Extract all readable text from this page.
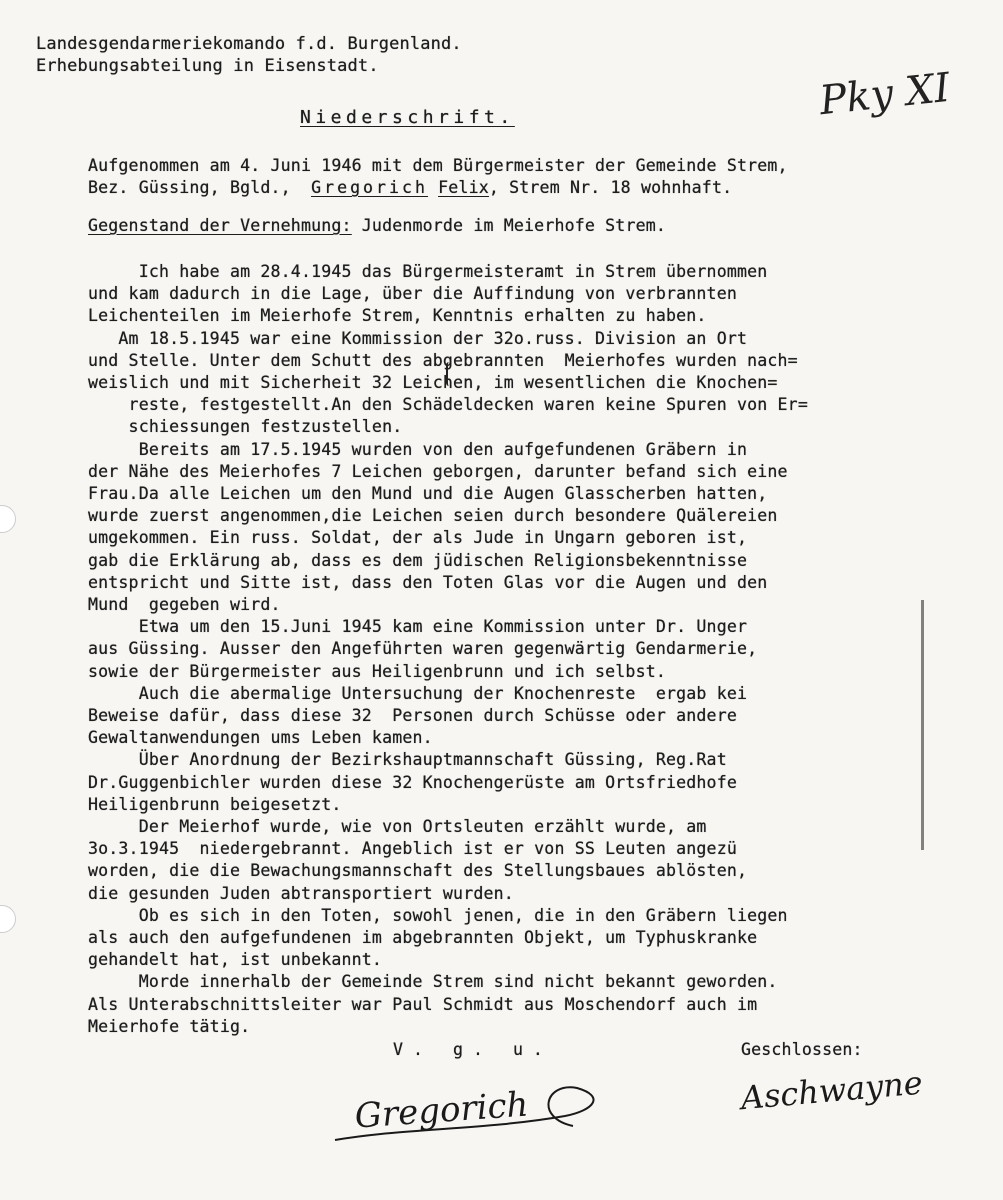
Landesgendarmeriekomando f.d. Burgenland.
Erhebungsabteilung in Eisenstadt.	Pky XI
Niederschrift.
Aufgenommen am 4. Juni 1946 mit dem Bürgermeister der Gemeinde Strem,
Bez. Güssing, Bgld., Gregorich Felix, Strem Nr. 18 wohnhaft.
Gegenstand der Vernehmung: Judenmorde im Meierhofe Strem.
Ich habe am 28.4.1945 das Bürgermeisteramt in Strem übernommen
und kam dadurch in die Lage, über die Auffindung von verbrannten
Leichenteilen im Meierhofe Strem, Kenntnis erhalten zu haben.
Am 18.5.1945 war eine Kommission der 32o.russ. Division an Ort
und Stelle. Unter dem Schutt des abgebrannten  Meierhofes wurden nach=
weislich und mit Sicherheit 32 Leichen, im wesentlichen die Knochen=
reste, festgestellt.An den Schädeldecken waren keine Spuren von Er=
schiessungen festzustellen.
Bereits am 17.5.1945 wurden von den aufgefundenen Gräbern in
der Nähe des Meierhofes 7 Leichen geborgen, darunter befand sich eine
Frau.Da alle Leichen um den Mund und die Augen Glasscherben hatten,
wurde zuerst angenommen,die Leichen seien durch besondere Quälereien
umgekommen. Ein russ. Soldat, der als Jude in Ungarn geboren ist,
gab die Erklärung ab, dass es dem jüdischen Religionsbekenntnisse
entspricht und Sitte ist, dass den Toten Glas vor die Augen und den
Mund  gegeben wird.
Etwa um den 15.Juni 1945 kam eine Kommission unter Dr. Unger
aus Güssing. Ausser den Angeführten waren gegenwärtig Gendarmerie,
sowie der Bürgermeister aus Heiligenbrunn und ich selbst.
Auch die abermalige Untersuchung der Knochenreste  ergab kei
Beweise dafür, dass diese 32  Personen durch Schüsse oder andere
Gewaltanwendungen ums Leben kamen.
Über Anordnung der Bezirkshauptmannschaft Güssing, Reg.Rat
Dr.Guggenbichler wurden diese 32 Knochengerüste am Ortsfriedhofe
Heiligenbrunn beigesetzt.
Der Meierhof wurde, wie von Ortsleuten erzählt wurde, am
3o.3.1945  niedergebrannt. Angeblich ist er von SS Leuten angezü
worden, die die Bewachungsmannschaft des Stellungsbaues ablösten,
die gesunden Juden abtransportiert wurden.
Ob es sich in den Toten, sowohl jenen, die in den Gräbern liegen
als auch den aufgefundenen im abgebrannten Objekt, um Typhuskranke
gehandelt hat, ist unbekannt.
Morde innerhalb der Gemeinde Strem sind nicht bekannt geworden.
Als Unterabschnittsleiter war Paul Schmidt aus Moschendorf auch im
Meierhofe tätig.
V. g. u.	Geschlossen:
Gregorich	Aschwayne
